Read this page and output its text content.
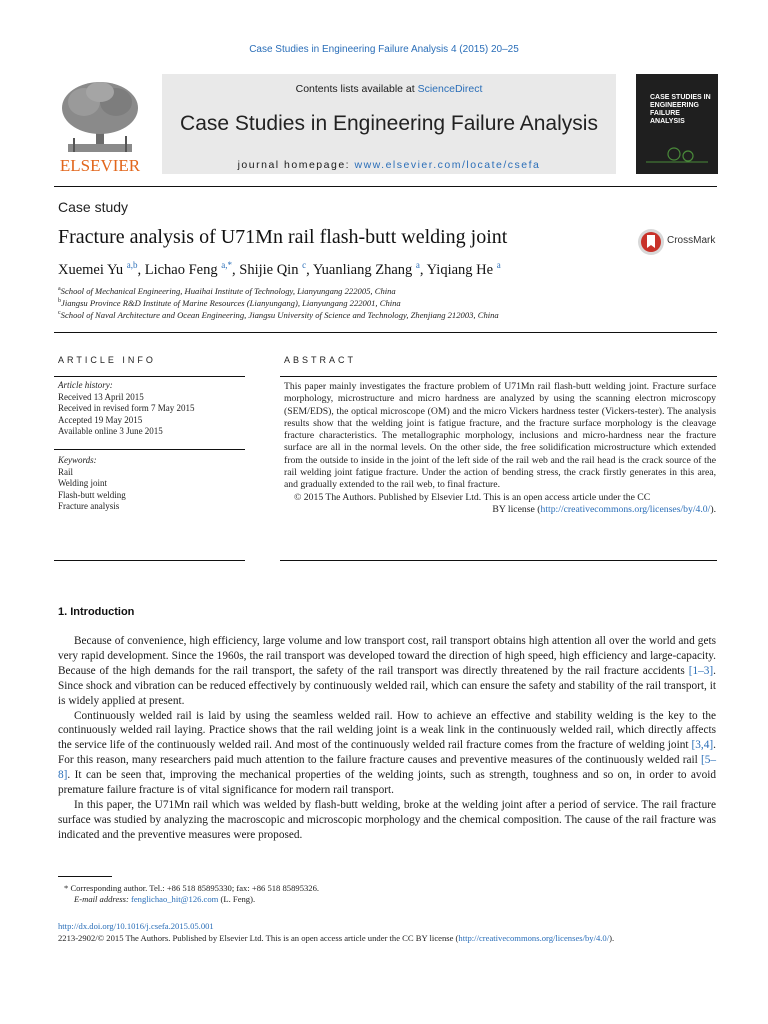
Case Studies in Engineering Failure Analysis 4 (2015) 20–25
ELSEVIER
Contents lists available at ScienceDirect
Case Studies in Engineering Failure Analysis
journal homepage: www.elsevier.com/locate/csefa
CASE STUDIES IN ENGINEERING FAILURE ANALYSIS
Case study
Fracture analysis of U71Mn rail flash-butt welding joint	CrossMark
Xuemei Yu $^{a,b}$, Lichao Feng $^{a,*}$, Shijie Qin $^c$, Yuanliang Zhang $^a$, Yiqiang He $^a$
$^a$School of Mechanical Engineering, Huaihai Institute of Technology, Lianyungang 222005, China
$^b$Jiangsu Province R&D Institute of Marine Resources (Lianyungang), Lianyungang 222001, China
$^c$School of Naval Architecture and Ocean Engineering, Jiangsu University of Science and Technology, Zhenjiang 212003, China
ARTICLE INFO
Article history:
Received 13 April 2015
Received in revised form 7 May 2015
Accepted 19 May 2015
Available online 3 June 2015
Keywords:
Rail
Welding joint
Flash-butt welding
Fracture analysis
ABSTRACT
This paper mainly investigates the fracture problem of U71Mn rail flash-butt welding joint. Fracture surface morphology, microstructure and micro hardness are analyzed by using the scanning electron microscopy (SEM/EDS), the optical microscope (OM) and the micro Vickers hardness tester (Vickers-tester). The analysis results show that the welding joint is fatigue fracture, and the fracture surface morphology is the cleavage fracture characteristics. The metallographic morphology, inclusions and micro-hardness near the fracture surface are all in the normal levels. On the other side, the free solidification microstructure which extended from the outside to inside in the joint of the left side of the rail web and the rail head is the crack source of the rail welding joint fatigue fracture. Under the action of bending stress, the crack firstly generates in this area, and gradually extended to the rail web, to final fracture.

© 2015 The Authors. Published by Elsevier Ltd. This is an open access article under the CC

BY license (http://creativecommons.org/licenses/by/4.0/).

1. Introduction

Because of convenience, high efficiency, large volume and low transport cost, rail transport obtains high attention all over the world and gets very rapid development. Since the 1960s, the rail transport was developed toward the direction of high speed, high efficiency and large-capacity. Because of the high demands for the rail transport, the safety of the rail transport was directly threatened by the rail fracture accidents [1–3]. Since shock and vibration can be reduced effectively by continuously welded rail, which can ensure the safety and stability of the rail transport, it is widely applied at present.

Continuously welded rail is laid by using the seamless welded rail. How to achieve an effective and stability welding is the key to the continuously welded rail laying. Practice shows that the rail welding joint is a weak link in the continuously welded rail, which directly affects the service life of the continuously welded rail. And most of the continuously welded rail fracture comes from the fracture of welding joint [3,4]. For this reason, many researchers paid much attention to the failure fracture causes and preventive measures of the continuously welded rail [5–8]. It can be seen that, improving the mechanical properties of the welding joints, such as strength, toughness and so on, in order to avoid premature failure fracture is of vital significance for modern rail transport.

In this paper, the U71Mn rail which was welded by flash-butt welding, broke at the welding joint after a period of service. The rail fracture surface was studied by analyzing the macroscopic and microscopic morphology and the chemical composition. The cause of the rail fracture was indicated and the preventive measures were proposed.

* Corresponding author. Tel.: +86 518 85895330; fax: +86 518 85895326.

E-mail address: fenglichao_hit@126.com (L. Feng).

http://dx.doi.org/10.1016/j.csefa.2015.05.001
2213-2902/© 2015 The Authors. Published by Elsevier Ltd. This is an open access article under the CC BY license (http://creativecommons.org/licenses/by/4.0/).
